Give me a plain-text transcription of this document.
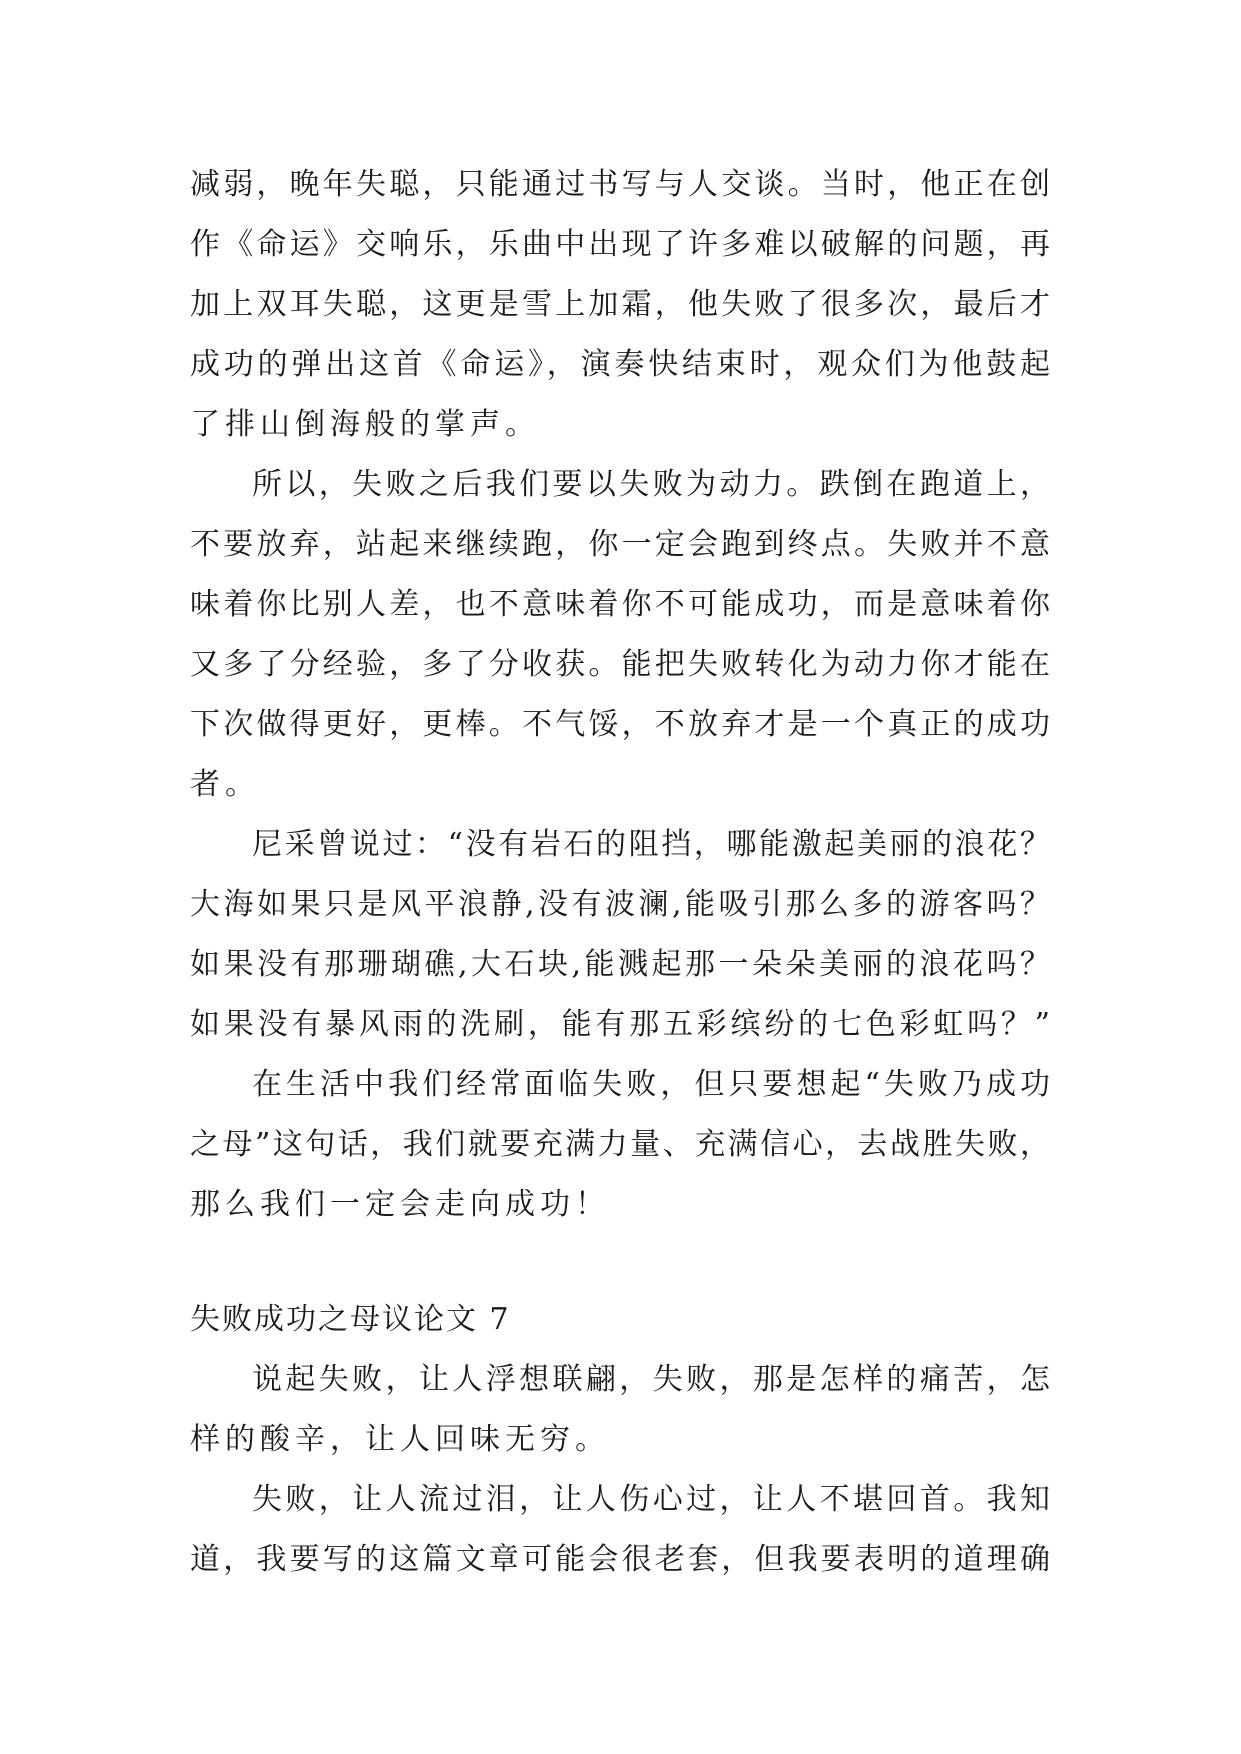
减弱，晚年失聪，只能通过书写与人交谈。当时，他正在创
作《命运》交响乐，乐曲中出现了许多难以破解的问题，再
加上双耳失聪，这更是雪上加霜，他失败了很多次，最后才
成功的弹出这首《命运》，演奏快结束时，观众们为他鼓起
了排山倒海般的掌声。
所以，失败之后我们要以失败为动力。跌倒在跑道上，
不要放弃，站起来继续跑，你一定会跑到终点。失败并不意
味着你比别人差，也不意味着你不可能成功，而是意味着你
又多了分经验，多了分收获。能把失败转化为动力你才能在
下次做得更好，更棒。不气馁，不放弃才是一个真正的成功
者。
尼采曾说过：“没有岩石的阻挡，哪能激起美丽的浪花？
大海如果只是风平浪静,没有波澜,能吸引那么多的游客吗？
如果没有那珊瑚礁,大石块,能溅起那一朵朵美丽的浪花吗？
如果没有暴风雨的洗刷，能有那五彩缤纷的七色彩虹吗？”
在生活中我们经常面临失败，但只要想起“失败乃成功
之母”这句话，我们就要充满力量、充满信心，去战胜失败，
那么我们一定会走向成功！
失败成功之母议论文 7
说起失败，让人浮想联翩，失败，那是怎样的痛苦，怎
样的酸辛，让人回味无穷。
失败，让人流过泪，让人伤心过，让人不堪回首。我知
道，我要写的这篇文章可能会很老套，但我要表明的道理确
